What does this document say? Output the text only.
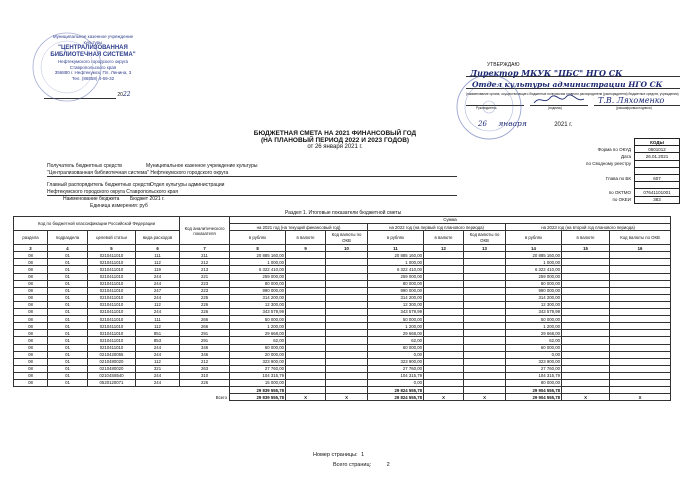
Муниципальное казенное учреждение
культуры
"ЦЕНТРАЛИЗОВАННАЯ
БИБЛИОТЕЧНАЯ СИСТЕМА"
Нефтекумского городского округа
Ставропольского края
356880 г. Нефтекумск, Пл. Ленина, 3
Тел. (86558) 4-69-32
2022
УТВЕРЖДАЮ
Директор МКУК "ЦБС" НГО СК
Отдел культуры администрации НГО СК
(наименование органа, осуществляющего бюджетные полномочия главного распорядителя (распорядителя) бюджетных средств, учреждения)
Т.В. Ляхоменко
Руководитель	(подпись)	(расшифровка подписи)
26 января	2021 г.
БЮДЖЕТНАЯ СМЕТА НА 2021 ФИНАНСОВЫЙ ГОД
(НА ПЛАНОВЫЙ ПЕРИОД 2022 И 2023 ГОДОВ)
от 26 января 2021 г.
	КОДЫ
Форма по ОКУД	0501012
Дата	26.01.2021
по Сводному реестру	

Глава по БК	607

по ОКТМО	07641101001
по ОКЕИ	383
Получатель бюджетных средств	Муниципальное казенное учреждение культуры
"Централизованная библиотечная система" Нефтекумского городского округа
Главный распорядитель бюджетных средств
Отдел культуры администрации
Нефтекумского городского округа Ставропольского края
Наименование бюджета Бюджет 2021 г.
Единица измерения: руб
Раздел 1. Итоговые показатели бюджетной сметы
Код по бюджетной классификации Российской Федерации				Код аналитического показателя	Сумма								
					на 2021 год (на текущий финансовый год)			на 2022 год (на первый год планового периода)			на 2023 год (на второй год планового периода)		
раздела	подраздела	целевой статьи	вида расходов		в рублях	в валюте	Код валюты по ОКВ	в рублях	в валюте	Код валюты по ОКВ	в рублях	в валюте	Код валюты по ОКВ
3	4	5	6	7	8	9	10	11	12	13	14	15	16
08	01	0210411010	111	211	20 885 160,00			20 885 160,00			20 885 160,00		
08	01	0210411010	112	212	1 000,00			1 000,00			1 000,00		
08	01	0210411010	119	213	6 322 410,00			6 322 410,00			6 322 410,00		
08	01	0210411010	244	221	259 000,00			259 000,00			259 000,00		
08	01	0210411010	244	223	80 000,00			80 000,00			80 000,00		
08	01	0210411010	247	223	990 000,00			990 000,00			990 000,00		
08	01	0210411010	244	225	314 200,00			314 200,00			314 200,00		
08	01	0210411010	112	226	12 300,00			12 300,00			12 300,00		
08	01	0210411010	244	226	343 579,99			343 579,99			343 579,99		
08	01	0210411010	111	266	50 000,00			50 000,00			50 000,00		
08	01	0210411010	112	266	1 200,00			1 200,00			1 200,00		
08	01	0210411010	851	291	29 668,00			29 668,00			29 668,00		
08	01	0210411010	853	291	62,00			62,00			62,00		
08	01	0210411010	244	346	60 000,00			60 000,00			60 000,00		
08	01	0210420055	244	346	20 000,00			0,00			0,00		
08	01	0210480020	112	212	323 900,00			323 900,00			323 900,00		
08	01	0210480020	321	263	27 760,00			27 760,00			27 760,00		
08	01	02104S8540	244	310	104 315,79			104 315,79			104 315,79		
08	01	0520120071	244	226	15 000,00			0,00			80 000,00		
					29 839 555,78			29 824 555,78			29 904 555,78		
Всего					29 839 555,78	X	X	29 824 555,78	X	X	29 904 555,78	X	X
Номер страницы: 1
Всего страниц:	2
